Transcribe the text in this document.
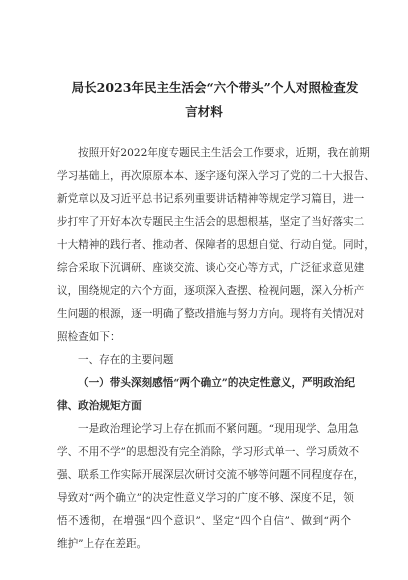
局长2023年民主生活会“六个带头”个人对照检查发
言材料
按照开好2022年度专题民主生活会工作要求，近期，我在前期
学习基础上，再次原原本本、逐字逐句深入学习了党的二十大报告、
新党章以及习近平总书记系列重要讲话精神等规定学习篇目，进一
步打牢了开好本次专题民主生活会的思想根基，坚定了当好落实二
十大精神的践行者、推动者、保障者的思想自觉、行动自觉。同时，
综合采取下沉调研、座谈交流、谈心交心等方式，广泛征求意见建
议，围绕规定的六个方面，逐项深入查摆、检视问题，深入分析产
生问题的根源，逐一明确了整改措施与努力方向。现将有关情况对
照检查如下：
一、存在的主要问题
（一）带头深刻感悟“两个确立”的决定性意义，严明政治纪
律、政治规矩方面
一是政治理论学习上存在抓而不紧问题。“现用现学、急用急
学、不用不学”的思想没有完全消除，学习形式单一、学习质效不
强、联系工作实际开展深层次研讨交流不够等问题不同程度存在，
导致对“两个确立”的决定性意义学习的广度不够、深度不足，领
悟不透彻，在增强“四个意识”、坚定“四个自信”、做到“两个
维护”上存在差距。
